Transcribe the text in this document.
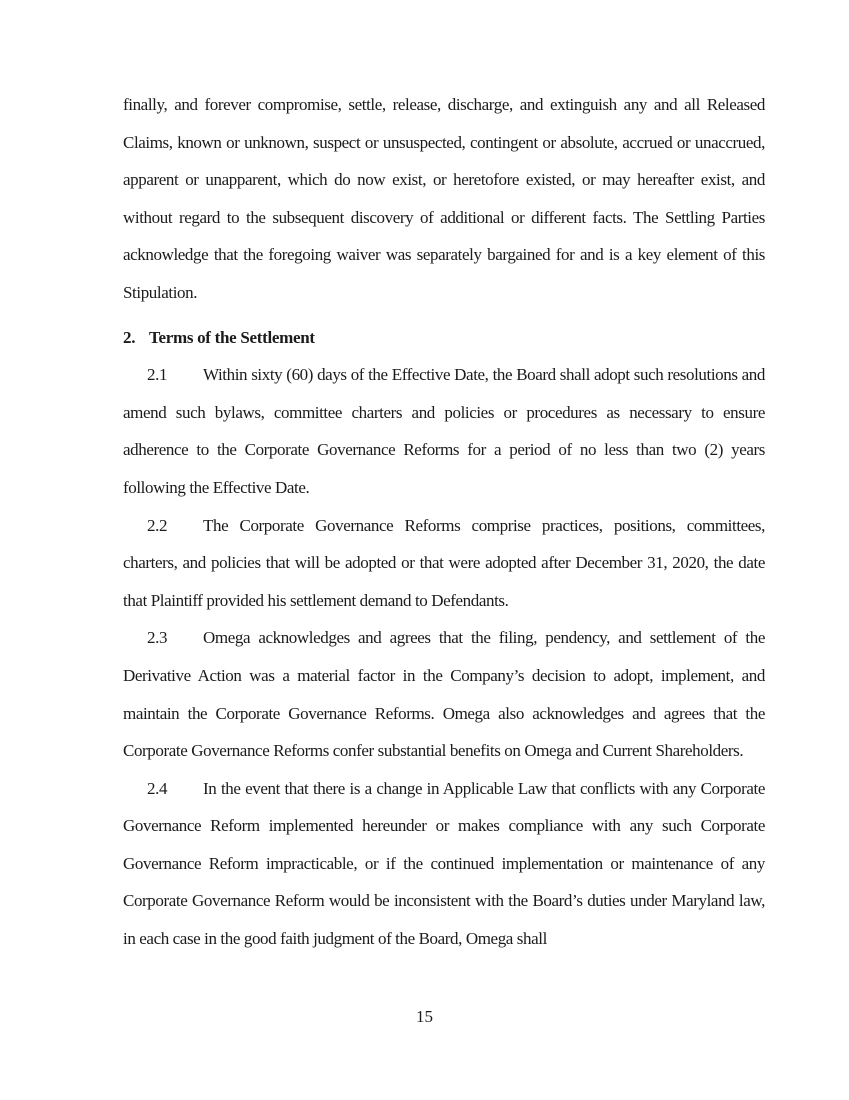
finally, and forever compromise, settle, release, discharge, and extinguish any and all Released Claims, known or unknown, suspect or unsuspected, contingent or absolute, accrued or unaccrued, apparent or unapparent, which do now exist, or heretofore existed, or may hereafter exist, and without regard to the subsequent discovery of additional or different facts. The Settling Parties acknowledge that the foregoing waiver was separately bargained for and is a key element of this Stipulation.

2. Terms of the Settlement

2.1 Within sixty (60) days of the Effective Date, the Board shall adopt such resolutions and amend such bylaws, committee charters and policies or procedures as necessary to ensure adherence to the Corporate Governance Reforms for a period of no less than two (2) years following the Effective Date.

2.2 The Corporate Governance Reforms comprise practices, positions, committees, charters, and policies that will be adopted or that were adopted after December 31, 2020, the date that Plaintiff provided his settlement demand to Defendants.

2.3 Omega acknowledges and agrees that the filing, pendency, and settlement of the Derivative Action was a material factor in the Company’s decision to adopt, implement, and maintain the Corporate Governance Reforms. Omega also acknowledges and agrees that the Corporate Governance Reforms confer substantial benefits on Omega and Current Shareholders.

2.4 In the event that there is a change in Applicable Law that conflicts with any Corporate Governance Reform implemented hereunder or makes compliance with any such Corporate Governance Reform impracticable, or if the continued implementation or maintenance of any Corporate Governance Reform would be inconsistent with the Board’s duties under Maryland law, in each case in the good faith judgment of the Board, Omega shall

15
